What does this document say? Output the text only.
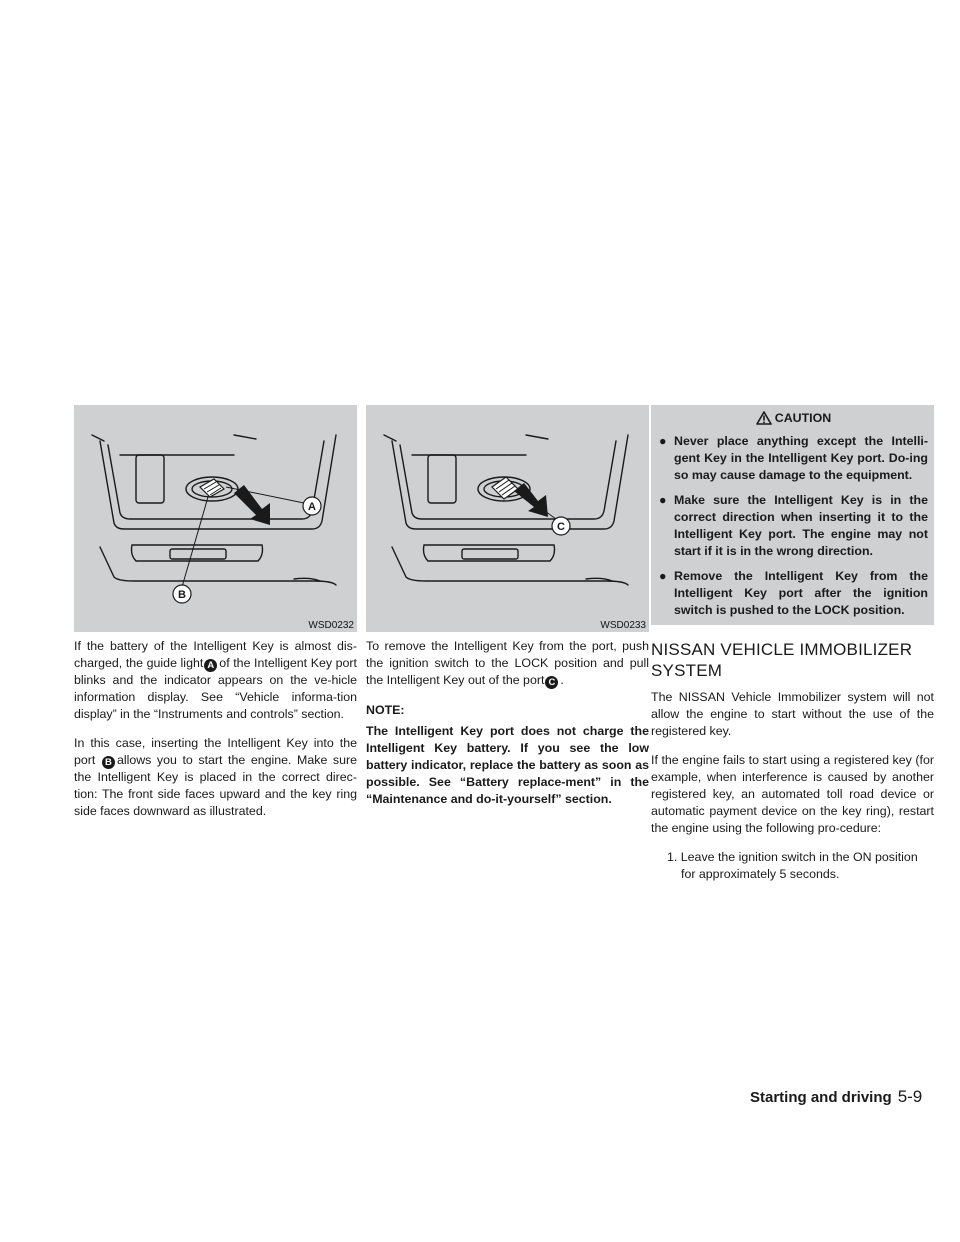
A
B
WSD0232

If the battery of the Intelligent Key is almost dis-charged, the guide light A of the Intelligent Key port blinks and the indicator appears on the ve-hicle information display. See “Vehicle informa-tion display” in the “Instruments and controls” section.

In this case, inserting the Intelligent Key into the port B allows you to start the engine. Make sure the Intelligent Key is placed in the correct direc-tion: The front side faces upward and the key ring side faces downward as illustrated.

C
WSD0233

To remove the Intelligent Key from the port, push the ignition switch to the LOCK position and pull the Intelligent Key out of the port C .

NOTE:

The Intelligent Key port does not charge the Intelligent Key battery. If you see the low battery indicator, replace the battery as soon as possible. See “Battery replace-ment” in the “Maintenance and do-it-yourself” section.

CAUTION
● Never place anything except the Intelli-gent Key in the Intelligent Key port. Do-ing so may cause damage to the equipment.
● Make sure the Intelligent Key is in the correct direction when inserting it to the Intelligent Key port. The engine may not start if it is in the wrong direction.
● Remove the Intelligent Key from the Intelligent Key port after the ignition switch is pushed to the LOCK position.
NISSAN VEHICLE IMMOBILIZER SYSTEM

The NISSAN Vehicle Immobilizer system will not allow the engine to start without the use of the registered key.

If the engine fails to start using a registered key (for example, when interference is caused by another registered key, an automated toll road device or automatic payment device on the key ring), restart the engine using the following pro-cedure:

1. Leave the ignition switch in the ON position for approximately 5 seconds.

Starting and driving 5-9
